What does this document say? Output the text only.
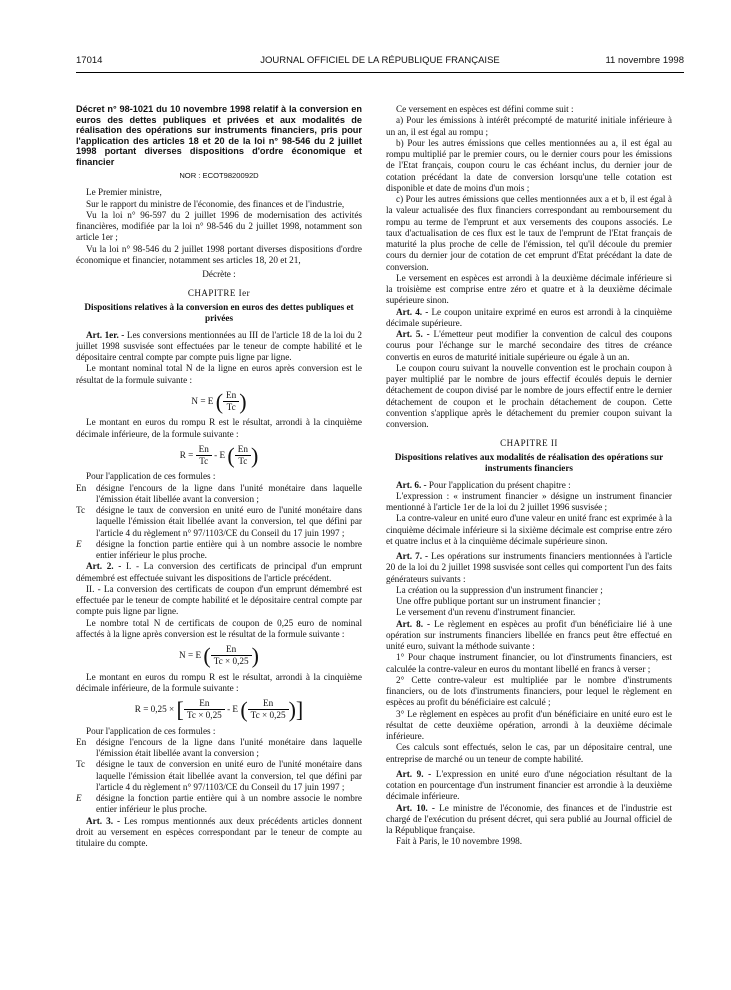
17014	JOURNAL OFFICIEL DE LA RÉPUBLIQUE FRANÇAISE	11 novembre 1998

Décret n° 98-1021 du 10 novembre 1998 relatif à la conversion en euros des dettes publiques et privées et aux modalités de réalisation des opérations sur instruments financiers, pris pour l'application des articles 18 et 20 de la loi n° 98-546 du 2 juillet 1998 portant diverses dispositions d'ordre économique et financier

NOR : ECOT9820092D

Le Premier ministre,

Sur le rapport du ministre de l'économie, des finances et de l'industrie,

Vu la loi n° 96-597 du 2 juillet 1996 de modernisation des activités financières, modifiée par la loi n° 98-546 du 2 juillet 1998, notamment son article 1er ;

Vu la loi n° 98-546 du 2 juillet 1998 portant diverses dispositions d'ordre économique et financier, notamment ses articles 18, 20 et 21,

Décrète :

CHAPITRE Ier

Dispositions relatives à la conversion en euros des dettes publiques et privées

Art. 1er. - Les conversions mentionnées au III de l'article 18 de la loi du 2 juillet 1998 susvisée sont effectuées par le teneur de compte habilité et le dépositaire central compte par compte puis ligne par ligne.

Le montant nominal total N de la ligne en euros après conversion est le résultat de la formule suivante :

N = E ( $\frac{En}{Tc}$ )

Le montant en euros du rompu R est le résultat, arrondi à la cinquième décimale inférieure, de la formule suivante :

$R = \frac{En}{Tc} - E$ ( $\frac{En}{Tc}$ )

Pour l'application de ces formules :

En	désigne l'encours de la ligne dans l'unité monétaire dans laquelle l'émission était libellée avant la conversion ;
Tc	désigne le taux de conversion en unité euro de l'unité monétaire dans laquelle l'émission était libellée avant la conversion, tel que défini par l'article 4 du règlement n° 97/1103/CE du Conseil du 17 juin 1997 ;
E	désigne la fonction partie entière qui à un nombre associe le nombre entier inférieur le plus proche.

Art. 2. - I. - La conversion des certificats de principal d'un emprunt démembré est effectuée suivant les dispositions de l'article précédent.

II. - La conversion des certificats de coupon d'un emprunt démembré est effectuée par le teneur de compte habilité et le dépositaire central compte par compte puis ligne par ligne.

Le nombre total N de certificats de coupon de 0,25 euro de nominal affectés à la ligne après conversion est le résultat de la formule suivante :

N = E ( $\frac{En}{Tc \times 0,25}$ )

Le montant en euros du rompu R est le résultat, arrondi à la cinquième décimale inférieure, de la formule suivante :

R = 0,25 × [ $\frac{En}{Tc \times 0,25}$ - E ( $\frac{En}{Tc \times 0,25}$ )]

Pour l'application de ces formules :

En	désigne l'encours de la ligne dans l'unité monétaire dans laquelle l'émission était libellée avant la conversion ;
Tc	désigne le taux de conversion en unité euro de l'unité monétaire dans laquelle l'émission était libellée avant la conversion, tel que défini par l'article 4 du règlement n° 97/1103/CE du Conseil du 17 juin 1997 ;
E	désigne la fonction partie entière qui à un nombre associe le nombre entier inférieur le plus proche.

Art. 3. - Les rompus mentionnés aux deux précédents articles donnent droit au versement en espèces correspondant par le teneur de compte au titulaire du compte.

Ce versement en espèces est défini comme suit :

a) Pour les émissions à intérêt précompté de maturité initiale inférieure à un an, il est égal au rompu ;

b) Pour les autres émissions que celles mentionnées au a, il est égal au rompu multiplié par le premier cours, ou le dernier cours pour les émissions de l'Etat français, coupon couru le cas échéant inclus, du dernier jour de cotation précédant la date de conversion lorsqu'une telle cotation est disponible et date de moins d'un mois ;

c) Pour les autres émissions que celles mentionnées aux a et b, il est égal à la valeur actualisée des flux financiers correspondant au remboursement du rompu au terme de l'emprunt et aux versements des coupons associés. Le taux d'actualisation de ces flux est le taux de l'emprunt de l'Etat français de maturité la plus proche de celle de l'émission, tel qu'il découle du premier cours du dernier jour de cotation de cet emprunt d'Etat précédant la date de conversion.

Le versement en espèces est arrondi à la deuxième décimale inférieure si la troisième est comprise entre zéro et quatre et à la deuxième décimale supérieure sinon.

Art. 4. - Le coupon unitaire exprimé en euros est arrondi à la cinquième décimale supérieure.

Art. 5. - L'émetteur peut modifier la convention de calcul des coupons courus pour l'échange sur le marché secondaire des titres de créance convertis en euros de maturité initiale supérieure ou égale à un an.

Le coupon couru suivant la nouvelle convention est le prochain coupon à payer multiplié par le nombre de jours effectif écoulés depuis le dernier détachement de coupon divisé par le nombre de jours effectif entre le dernier détachement de coupon et le prochain détachement de coupon. Cette convention s'applique après le détachement du premier coupon suivant la conversion.

CHAPITRE II

Dispositions relatives aux modalités de réalisation des opérations sur instruments financiers

Art. 6. - Pour l'application du présent chapitre :

L'expression : « instrument financier » désigne un instrument financier mentionné à l'article 1er de la loi du 2 juillet 1996 susvisée ;

La contre-valeur en unité euro d'une valeur en unité franc est exprimée à la cinquième décimale inférieure si la sixième décimale est comprise entre zéro et quatre inclus et à la cinquième décimale supérieure sinon.

Art. 7. - Les opérations sur instruments financiers mentionnées à l'article 20 de la loi du 2 juillet 1998 susvisée sont celles qui comportent l'un des faits générateurs suivants :

La création ou la suppression d'un instrument financier ;

Une offre publique portant sur un instrument financier ;

Le versement d'un revenu d'instrument financier.

Art. 8. - Le règlement en espèces au profit d'un bénéficiaire lié à une opération sur instruments financiers libellée en francs peut être effectué en unité euro, suivant la méthode suivante :

1° Pour chaque instrument financier, ou lot d'instruments financiers, est calculée la contre-valeur en euros du montant libellé en francs à verser ;

2° Cette contre-valeur est multipliée par le nombre d'instruments financiers, ou de lots d'instruments financiers, pour lequel le règlement en espèces au profit du bénéficiaire est calculé ;

3° Le règlement en espèces au profit d'un bénéficiaire en unité euro est le résultat de cette deuxième opération, arrondi à la deuxième décimale inférieure.

Ces calculs sont effectués, selon le cas, par un dépositaire central, une entreprise de marché ou un teneur de compte habilité.

Art. 9. - L'expression en unité euro d'une négociation résultant de la cotation en pourcentage d'un instrument financier est arrondie à la deuxième décimale inférieure.

Art. 10. - Le ministre de l'économie, des finances et de l'industrie est chargé de l'exécution du présent décret, qui sera publié au Journal officiel de la République française.

Fait à Paris, le 10 novembre 1998.
